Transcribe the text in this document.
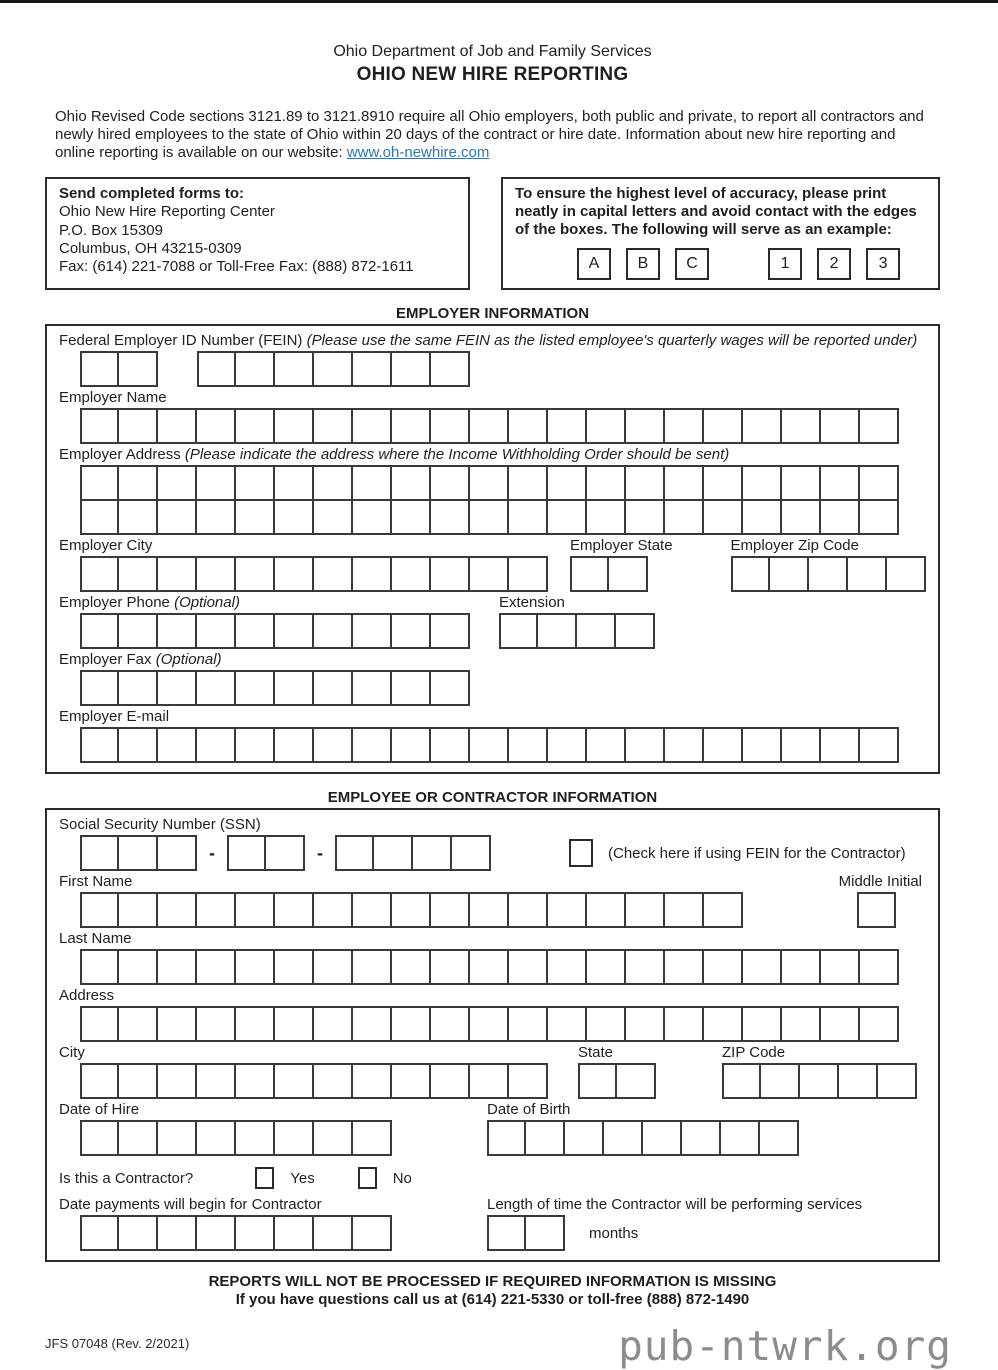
Ohio Department of Job and Family Services
OHIO NEW HIRE REPORTING

Ohio Revised Code sections 3121.89 to 3121.8910 require all Ohio employers, both public and private, to report all contractors and newly hired employees to the state of Ohio within 20 days of the contract or hire date. Information about new hire reporting and online reporting is available on our website: www.oh-newhire.com

Send completed forms to:
Ohio New Hire Reporting Center
P.O. Box 15309
Columbus, OH 43215-0309
Fax: (614) 221-7088 or Toll-Free Fax: (888) 872-1611
To ensure the highest level of accuracy, please print neatly in capital letters and avoid contact with the edges of the boxes. The following will serve as an example:
A	B	C	1	2	3
EMPLOYER INFORMATION
Federal Employer ID Number (FEIN) (Please use the same FEIN as the listed employee's quarterly wages will be reported under)
Employer Name
Employer Address (Please indicate the address where the Income Withholding Order should be sent)
Employer City	Employer State	Employer Zip Code
Employer Phone (Optional)	Extension
Employer Fax (Optional)
Employer E-mail
EMPLOYEE OR CONTRACTOR INFORMATION
Social Security Number (SSN)
-	-	(Check here if using FEIN for the Contractor)
First Name	Middle Initial
Last Name
Address
City	State	ZIP Code
Date of Hire	Date of Birth
Is this a Contractor?	Yes	No
Date payments will begin for Contractor	Length of time the Contractor will be performing services
months
REPORTS WILL NOT BE PROCESSED IF REQUIRED INFORMATION IS MISSING
If you have questions call us at (614) 221-5330 or toll-free (888) 872-1490
JFS 07048 (Rev. 2/2021)	pub-ntwrk.org
